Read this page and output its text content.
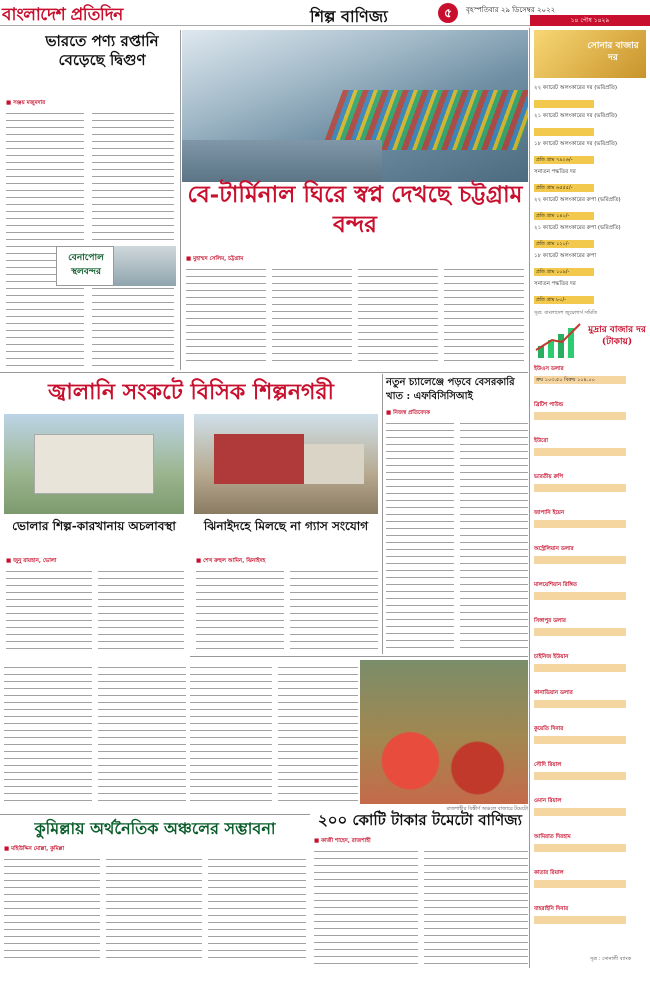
বাংলাদেশ প্রতিদিন	শিল্প বাণিজ্য	৫	বৃহস্পতিবার ২৯ ডিসেম্বর ২০২২
১৪ পৌষ ১৪২৯
ভারতে পণ্য রপ্তানি বেড়েছে দ্বিগুণ
■ সঞ্জয় মজুমদার
বেনাপোল স্থলবন্দর
বে-টার্মিনাল ঘিরে স্বপ্ন দেখছে চট্টগ্রাম বন্দর
■ মুহাম্মদ সেলিম, চট্টগ্রাম
জ্বালানি সংকটে বিসিক শিল্পনগরী
ভোলার শিল্প-কারখানায় অচলাবস্থা	ঝিনাইদহে মিলছে না গ্যাস সংযোগ
■ জুনু রায়হান, ভোলা	■ শেখ রুহুল আমিন, ঝিনাইদহ
নতুন চ্যালেঞ্জে পড়বে বেসরকারি খাত : এফবিসিসিআই
■ নিজস্ব প্রতিবেদক
রাজশাহীর বিস্তীর্ণ অঞ্চলে বাজারে টমেটো
২০০ কোটি টাকার টমেটো বাণিজ্য
■ কাজী শাহেদ, রাজশাহী
কুমিল্লায় অর্থনৈতিক অঞ্চলের সম্ভাবনা
■ মহিউদ্দিন মোল্লা, কুমিল্লা
সোনার বাজার দর
২২ ক্যারেট অলংকারের দর (ভরিপ্রতি)
২১ ক্যারেট অলংকারের দর (ভরিপ্রতি)
১৮ ক্যারেট অলংকারের দর (ভরিপ্রতি)
প্রতি গ্রাম ৭৯২৬/-
সনাতন পদ্ধতির দর
প্রতি গ্রাম ৬৫৫৫/-
২২ ক্যারেট অলংকারের রুপা (ভরিপ্রতি)
প্রতি গ্রাম ১৪০/-
২১ ক্যারেট অলংকারের রুপা (ভরিপ্রতি)
প্রতি গ্রাম ১২০/-
১৮ ক্যারেট অলংকারের রুপা
প্রতি গ্রাম ১০৯/-
সনাতন পদ্ধতির দর
প্রতি গ্রাম ৮০/-
সূত্র: বাংলাদেশ জুয়েলার্স সমিতি
মুদ্রার বাজার দর (টাকায়)
ইউএস ডলার
ক্রয় ১০৩.৫০ বিক্রয় ১০৪.০০
ব্রিটিশ পাউন্ড
ইউরো
ভারতীয় রুপি
জাপানি ইয়েন
অস্ট্রেলিয়ান ডলার
মালয়েশিয়ান রিঙ্গিত
সিঙ্গাপুর ডলার
চাইনিজ ইউয়ান
কানাডিয়ান ডলার
কুয়েতি দিনার
সৌদি রিয়াল
ওমান রিয়াল
আমিরাত দিরহাম
কাতার রিয়াল
বাহরাইনি দিনার
সূত্র : সোনালী ব্যাংক
